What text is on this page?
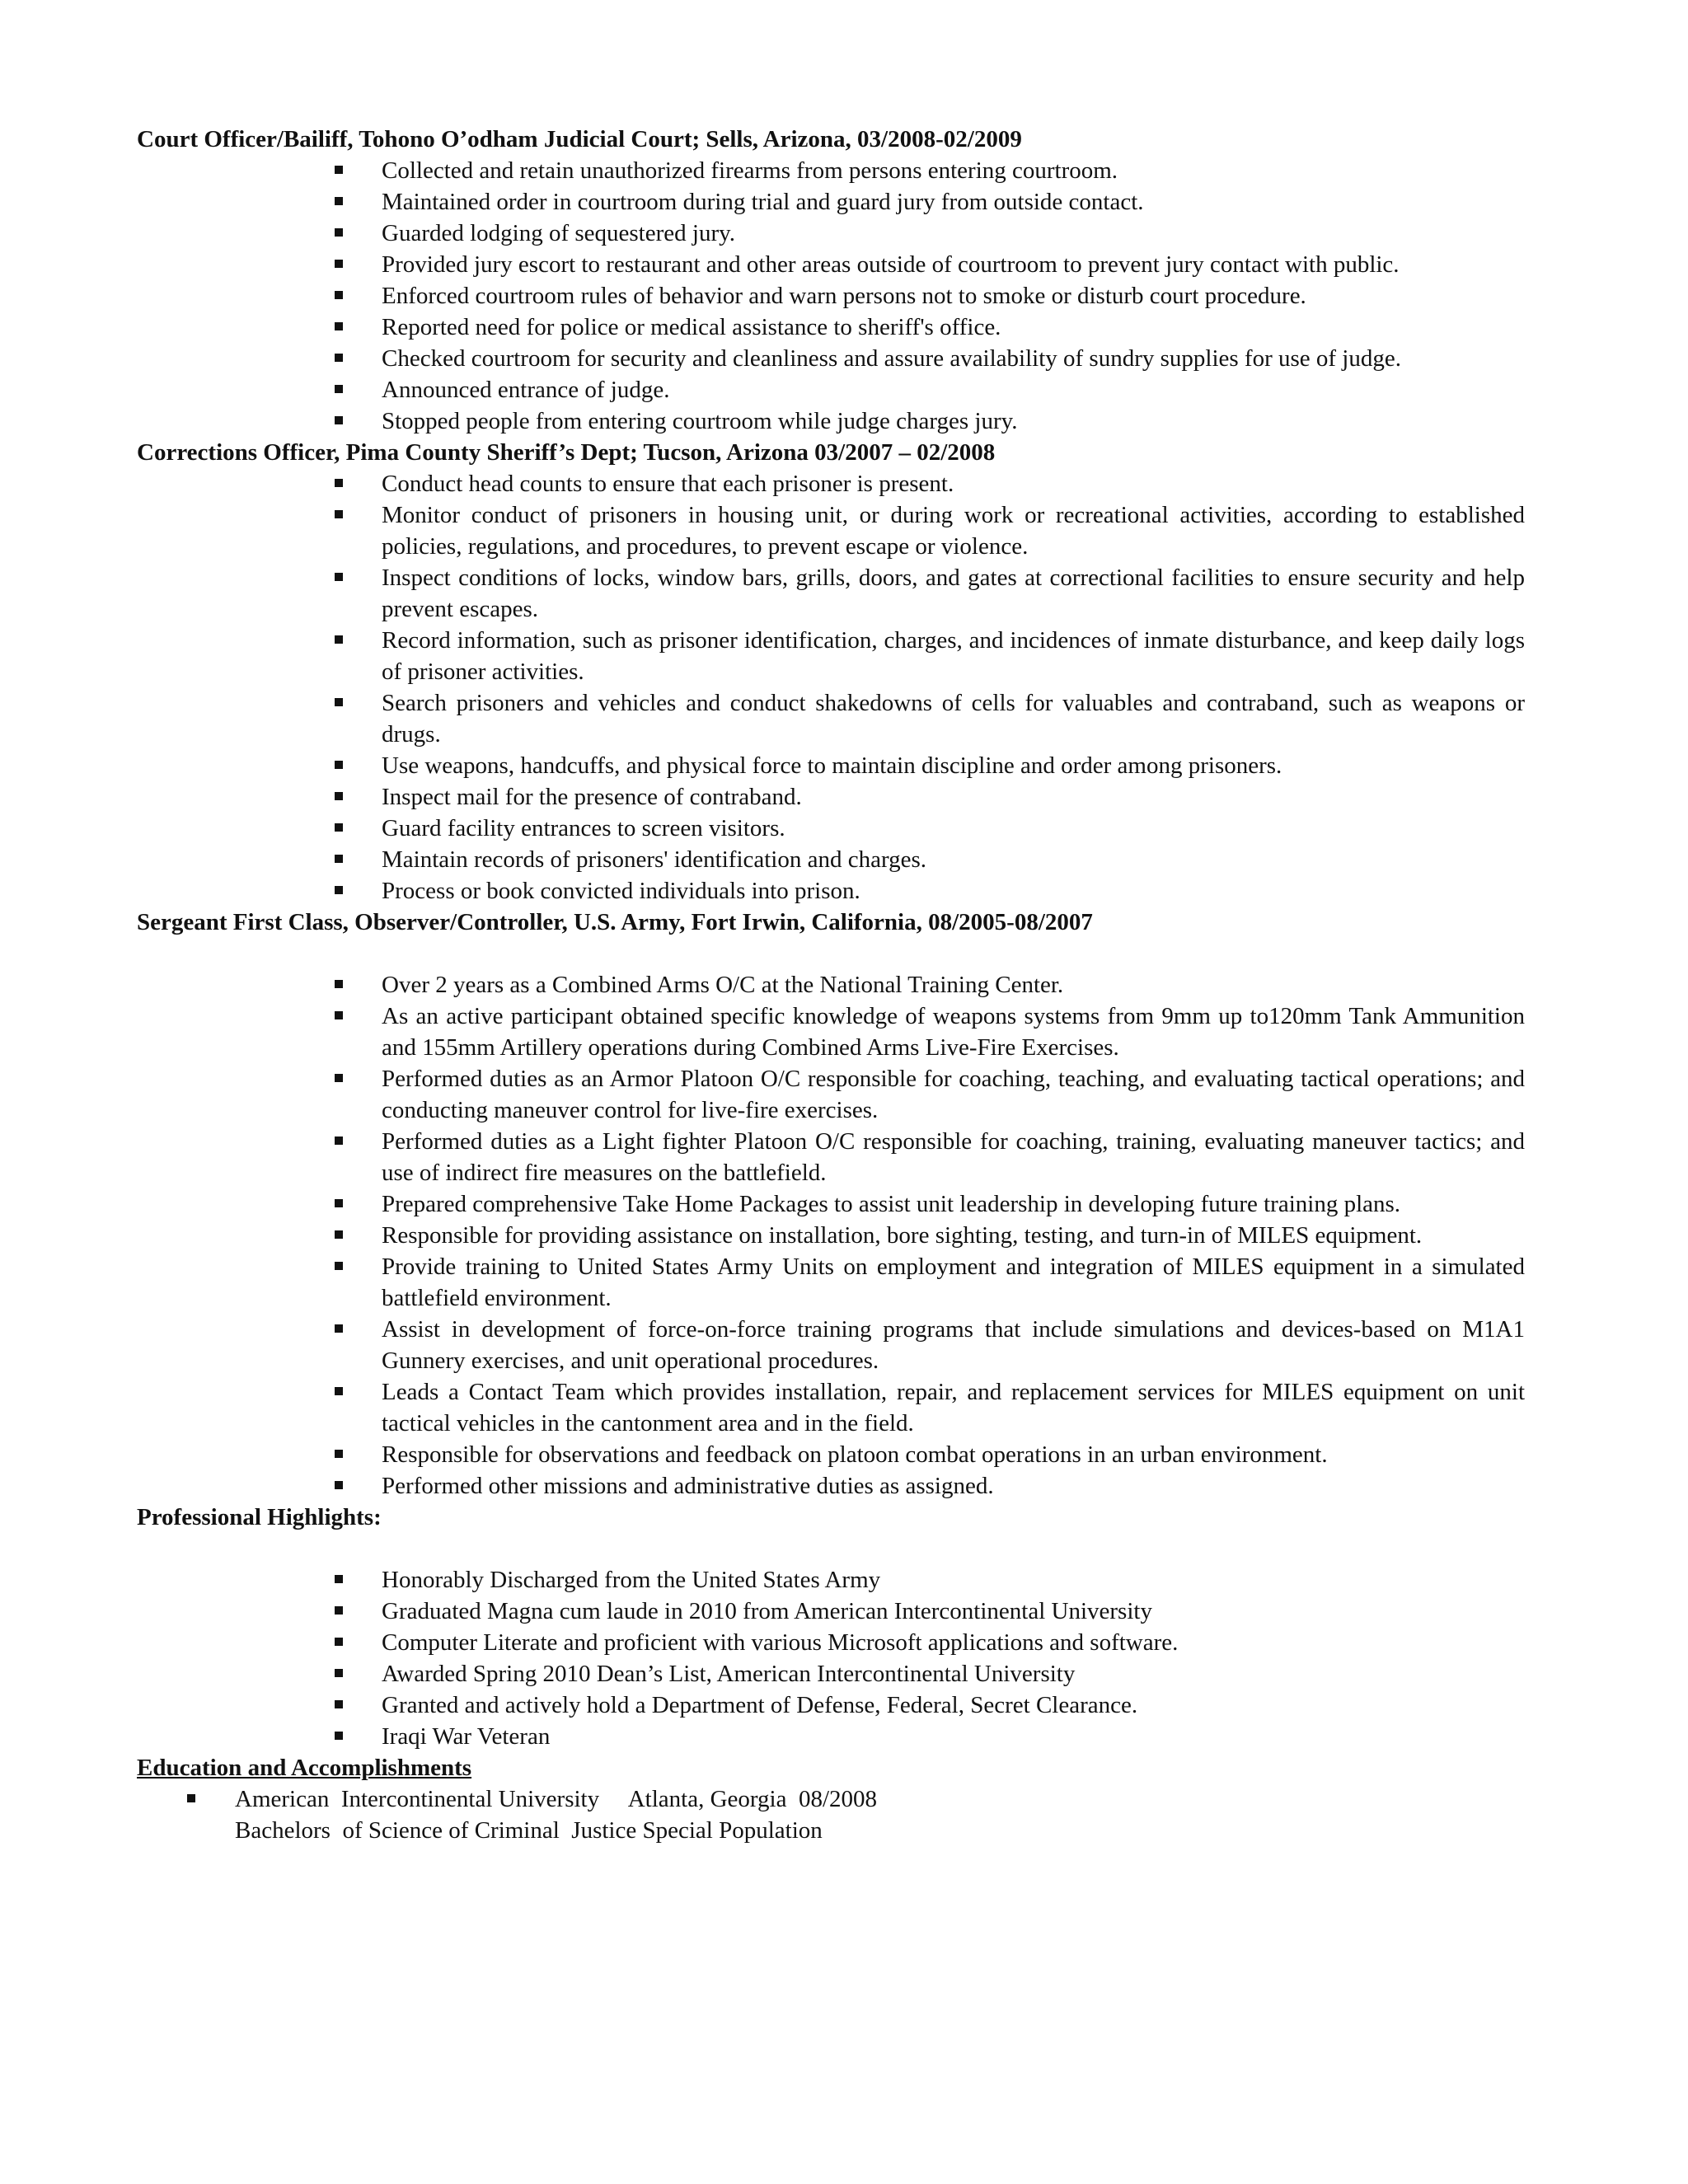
Court Officer/Bailiff, Tohono O’odham Judicial Court; Sells, Arizona, 03/2008-02/2009
Collected and retain unauthorized firearms from persons entering courtroom.
Maintained order in courtroom during trial and guard jury from outside contact.
Guarded lodging of sequestered jury.
Provided jury escort to restaurant and other areas outside of courtroom to prevent jury contact with public.
Enforced courtroom rules of behavior and warn persons not to smoke or disturb court procedure.
Reported need for police or medical assistance to sheriff's office.
Checked courtroom for security and cleanliness and assure availability of sundry supplies for use of judge.
Announced entrance of judge.
Stopped people from entering courtroom while judge charges jury.
Corrections Officer, Pima County Sheriff’s Dept; Tucson, Arizona 03/2007 – 02/2008
Conduct head counts to ensure that each prisoner is present.
Monitor conduct of prisoners in housing unit, or during work or recreational activities, according to established policies, regulations, and procedures, to prevent escape or violence.
Inspect conditions of locks, window bars, grills, doors, and gates at correctional facilities to ensure security and help prevent escapes.
Record information, such as prisoner identification, charges, and incidences of inmate disturbance, and keep daily logs of prisoner activities.
Search prisoners and vehicles and conduct shakedowns of cells for valuables and contraband, such as weapons or drugs.
Use weapons, handcuffs, and physical force to maintain discipline and order among prisoners.
Inspect mail for the presence of contraband.
Guard facility entrances to screen visitors.
Maintain records of prisoners' identification and charges.
Process or book convicted individuals into prison.
Sergeant First Class, Observer/Controller, U.S. Army, Fort Irwin, California, 08/2005-08/2007
Over 2 years as a Combined Arms O/C at the National Training Center.
As an active participant obtained specific knowledge of weapons systems from 9mm up to120mm Tank Ammunition and 155mm Artillery operations during Combined Arms Live-Fire Exercises.
Performed duties as an Armor Platoon O/C responsible for coaching, teaching, and evaluating tactical operations; and conducting maneuver control for live-fire exercises.
Performed duties as a Light fighter Platoon O/C responsible for coaching, training, evaluating maneuver tactics; and use of indirect fire measures on the battlefield.
Prepared comprehensive Take Home Packages to assist unit leadership in developing future training plans.
Responsible for providing assistance on installation, bore sighting, testing, and turn-in of MILES equipment.
Provide training to United States Army Units on employment and integration of MILES equipment in a simulated battlefield environment.
Assist in development of force-on-force training programs that include simulations and devices-based on M1A1 Gunnery exercises, and unit operational procedures.
Leads a Contact Team which provides installation, repair, and replacement services for MILES equipment on unit tactical vehicles in the cantonment area and in the field.
Responsible for observations and feedback on platoon combat operations in an urban environment.
Performed other missions and administrative duties as assigned.
Professional Highlights:
Honorably Discharged from the United States Army
Graduated Magna cum laude in 2010 from American Intercontinental University
Computer Literate and proficient with various Microsoft applications and software.
Awarded Spring 2010 Dean’s List, American Intercontinental University
Granted and actively hold a Department of Defense, Federal, Secret Clearance.
Iraqi War Veteran
Education and Accomplishments
American  Intercontinental University     Atlanta, Georgia  08/2008
Bachelors  of Science of Criminal  Justice Special Population
